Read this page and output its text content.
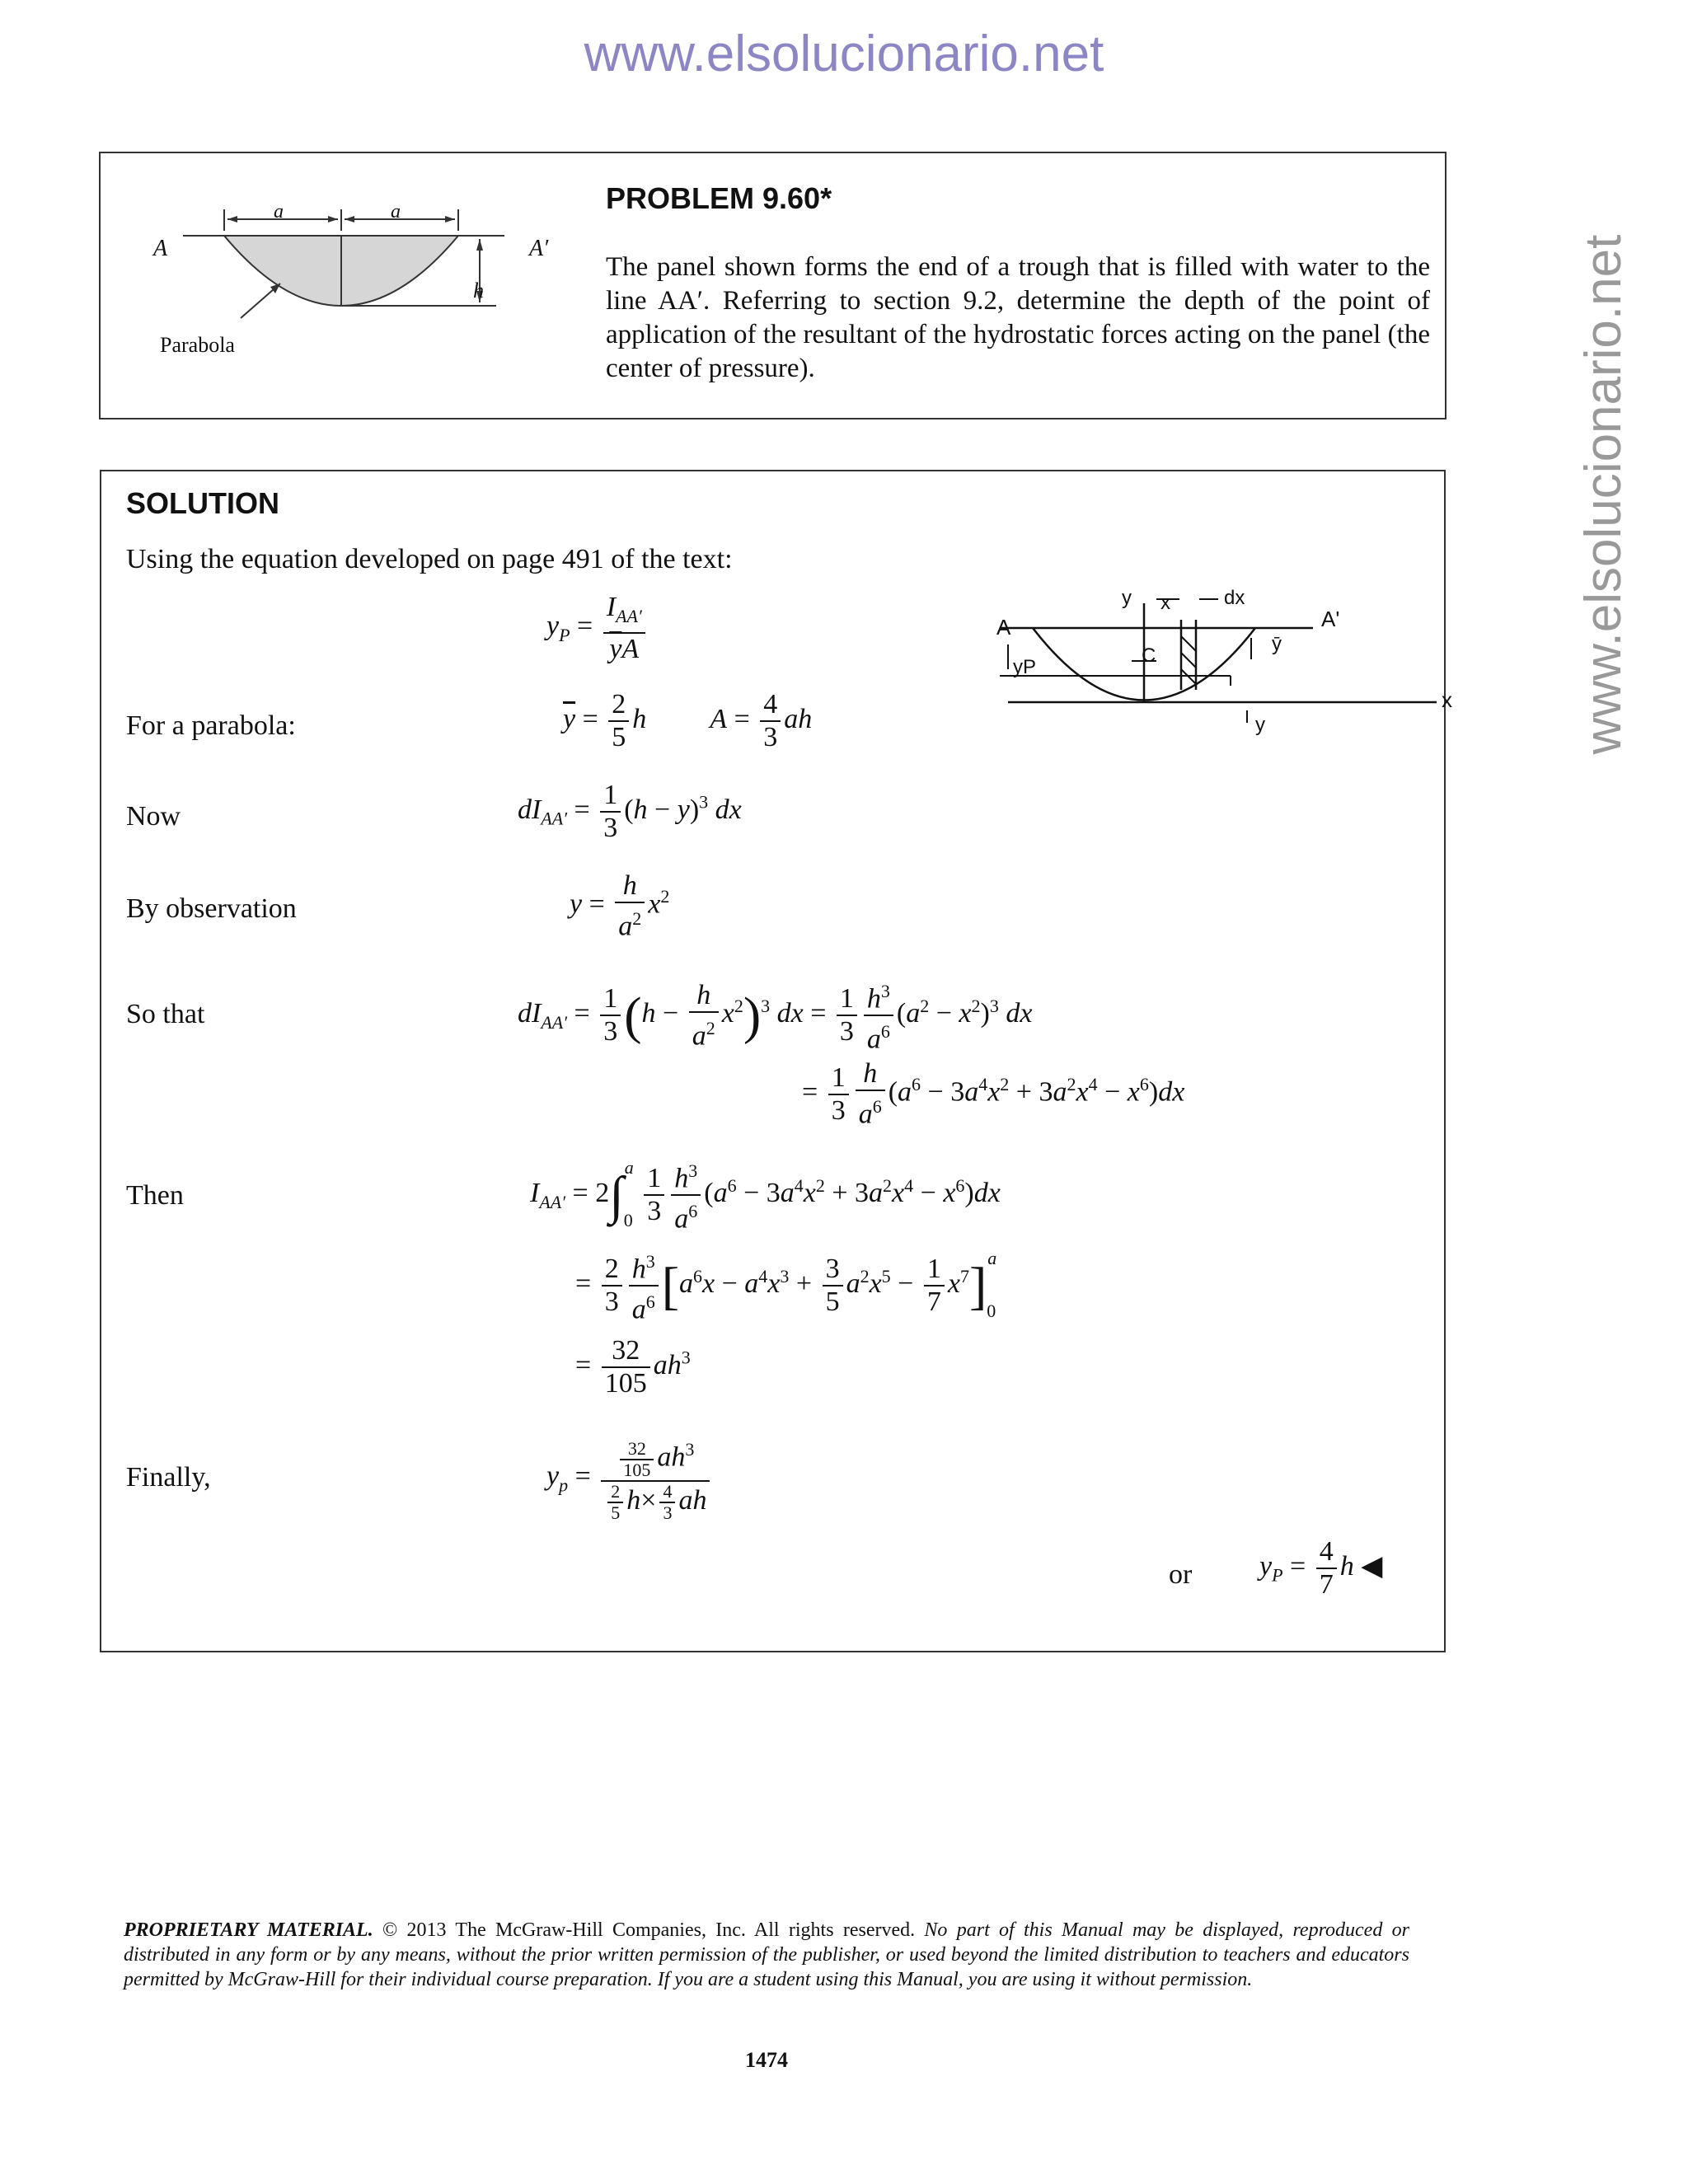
www.elsolucionario.net
www.elsolucionario.net
A	A′
a	a
h
Parabola
PROBLEM 9.60*
The panel shown forms the end of a trough that is filled with water to the line AA′. Referring to section 9.2, determine the depth of the point of application of the resultant of the hydrostatic forces acting on the panel (the center of pressure).
SOLUTION
Using the equation developed on page 491 of the text:
$y_P = \frac{I_{AA'}}{\overline{y}A}$	A	A'
y x	dx
C
yP
ȳ
x
y
For a parabola:	$\overline{y} = \frac{2}{5}$ h $A = \frac{4}{3}$ ah
Now	$dI_{AA'} = \frac{1}{3} (h - y)^3$ dx
By observation	$y = \frac{h}{a^2} x^2$
So that	$dI_{AA'} = \frac{1}{3} (h - \frac{h}{a^2} x^2)^3$ dx = $\frac{1}{3} \frac{h^3}{a^6} (a^2 - x^2)^3$ dx
= $\frac{1}{3} \frac{h}{a^6} (a^6 - 3a^4x^2 + 3a^2x^4 - x^6)dx$
Then	$I_{AA'} = 2\int_0^a \frac{1}{3} \frac{h^3}{a^6} (a^6 - 3a^4x^2 + 3a^2x^4 - x^6)dx$
= $\frac{2}{3} \frac{h^3}{a^6} [a^6x - a^4x^3 + \frac{3}{5} a^2x^5 - \frac{1}{7} x^7]_0^a$
= $\frac{32}{105} ah^3$
Finally,	$y_p = \frac{\frac{32}{105} ah^3}{\frac{2}{5} h\times \frac{4}{3} ah}$
or $y_P = \frac{4}{7}$ h ◀
PROPRIETARY MATERIAL. © 2013 The McGraw-Hill Companies, Inc. All rights reserved. No part of this Manual may be displayed, reproduced or distributed in any form or by any means, without the prior written permission of the publisher, or used beyond the limited distribution to teachers and educators permitted by McGraw-Hill for their individual course preparation. If you are a student using this Manual, you are using it without permission.
1474
